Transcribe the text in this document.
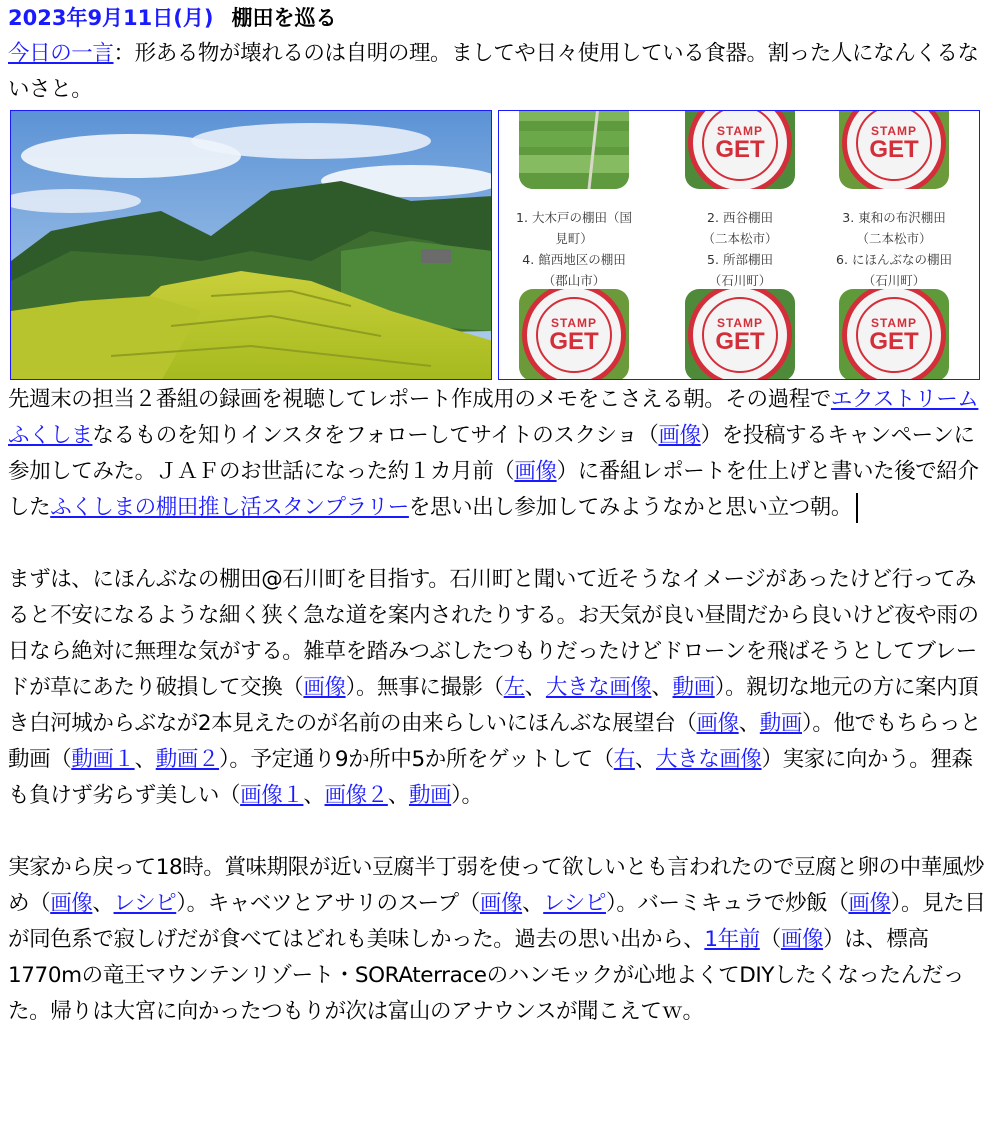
2023年9月11日(月) 棚田を巡る

今日の一言：形ある物が壊れるのは自明の理。ましてや日々使用している食器。割った人になんくるないさと。

STAMP
GET
STAMP
GET
1. 大木戸の棚田（国
見町）
2. 西谷棚田
（二本松市）
3. 東和の布沢棚田
（二本松市）
4. 館西地区の棚田
（郡山市）
5. 所部棚田
（石川町）
6. にほんぶなの棚田
（石川町）
STAMP
GET
STAMP
GET
STAMP
GET

先週末の担当２番組の録画を視聴してレポート作成用のメモをこさえる朝。その過程でエクストリームふくしまなるものを知りインスタをフォローしてサイトのスクショ（画像）を投稿するキャンペーンに参加してみた。ＪＡＦのお世話になった約１カ月前（画像）に番組レポートを仕上げと書いた後で紹介したふくしまの棚田推し活スタンプラリーを思い出し参加してみようなかと思い立つ朝。

まずは、にほんぶなの棚田@石川町を目指す。石川町と聞いて近そうなイメージがあったけど行ってみると不安になるような細く狭く急な道を案内されたりする。お天気が良い昼間だから良いけど夜や雨の日なら絶対に無理な気がする。雑草を踏みつぶしたつもりだったけどドローンを飛ばそうとしてブレードが草にあたり破損して交換（画像）。無事に撮影（左、大きな画像、動画）。親切な地元の方に案内頂き白河城からぶなが2本見えたのが名前の由来らしいにほんぶな展望台（画像、動画）。他でもちらっと動画（動画１、動画２）。予定通り9か所中5か所をゲットして（右、大きな画像）実家に向かう。狸森も負けず劣らず美しい（画像１、画像２、動画）。

実家から戻って18時。賞味期限が近い豆腐半丁弱を使って欲しいとも言われたので豆腐と卵の中華風炒め（画像、レシピ）。キャベツとアサリのスープ（画像、レシピ）。バーミキュラで炒飯（画像）。見た目が同色系で寂しげだが食べてはどれも美味しかった。過去の思い出から、1年前（画像）は、標高1770mの竜王マウンテンリゾート・SORAterraceのハンモックが心地よくてDIYしたくなったんだった。帰りは大宮に向かったつもりが次は富山のアナウンスが聞こえてｗ。
